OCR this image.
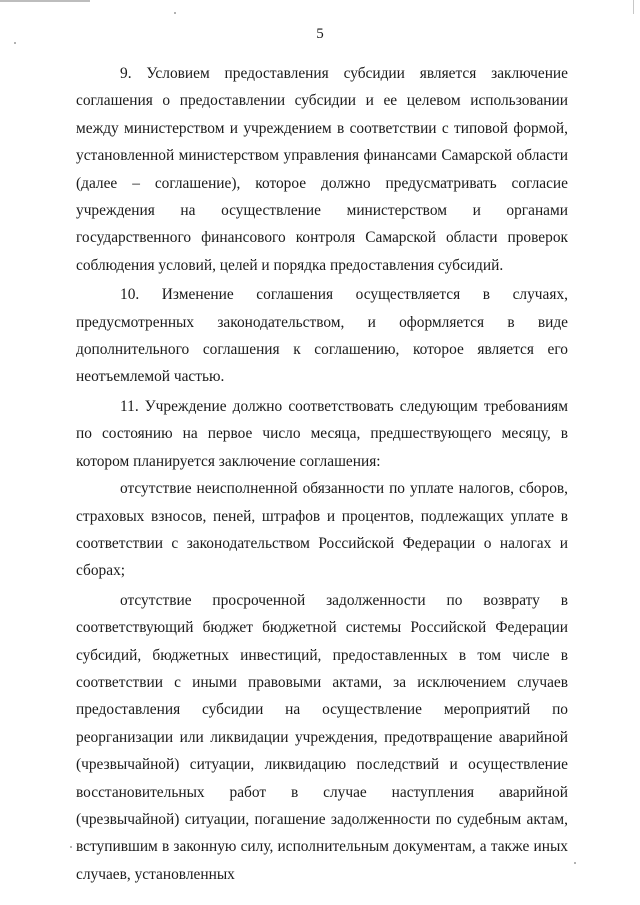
5

9. Условием предоставления субсидии является заключение соглашения о предоставлении субсидии и ее целевом использовании между министерством и учреждением в соответствии с типовой формой, установленной министерством управления финансами Самарской области (далее – соглашение), которое должно предусматривать согласие учреждения на осуществление министерством и органами государственного финансового контроля Самарской области проверок соблюдения условий, целей и порядка предоставления субсидий.

10. Изменение соглашения осуществляется в случаях, предусмотренных законодательством, и оформляется в виде дополнительного соглашения к соглашению, которое является его неотъемлемой частью.

11. Учреждение должно соответствовать следующим требованиям по состоянию на первое число месяца, предшествующего месяцу, в котором планируется заключение соглашения:

отсутствие неисполненной обязанности по уплате налогов, сборов, страховых взносов, пеней, штрафов и процентов, подлежащих уплате в соответствии с законодательством Российской Федерации о налогах и сборах;

отсутствие просроченной задолженности по возврату в соответствующий бюджет бюджетной системы Российской Федерации субсидий, бюджетных инвестиций, предоставленных в том числе в соответствии с иными правовыми актами, за исключением случаев предоставления субсидии на осуществление мероприятий по реорганизации или ликвидации учреждения, предотвращение аварийной (чрезвычайной) ситуации, ликвидацию последствий и осуществление восстановительных работ в случае наступления аварийной (чрезвычайной) ситуации, погашение задолженности по судебным актам, вступившим в законную силу, исполнительным документам, а также иных случаев, установленных
